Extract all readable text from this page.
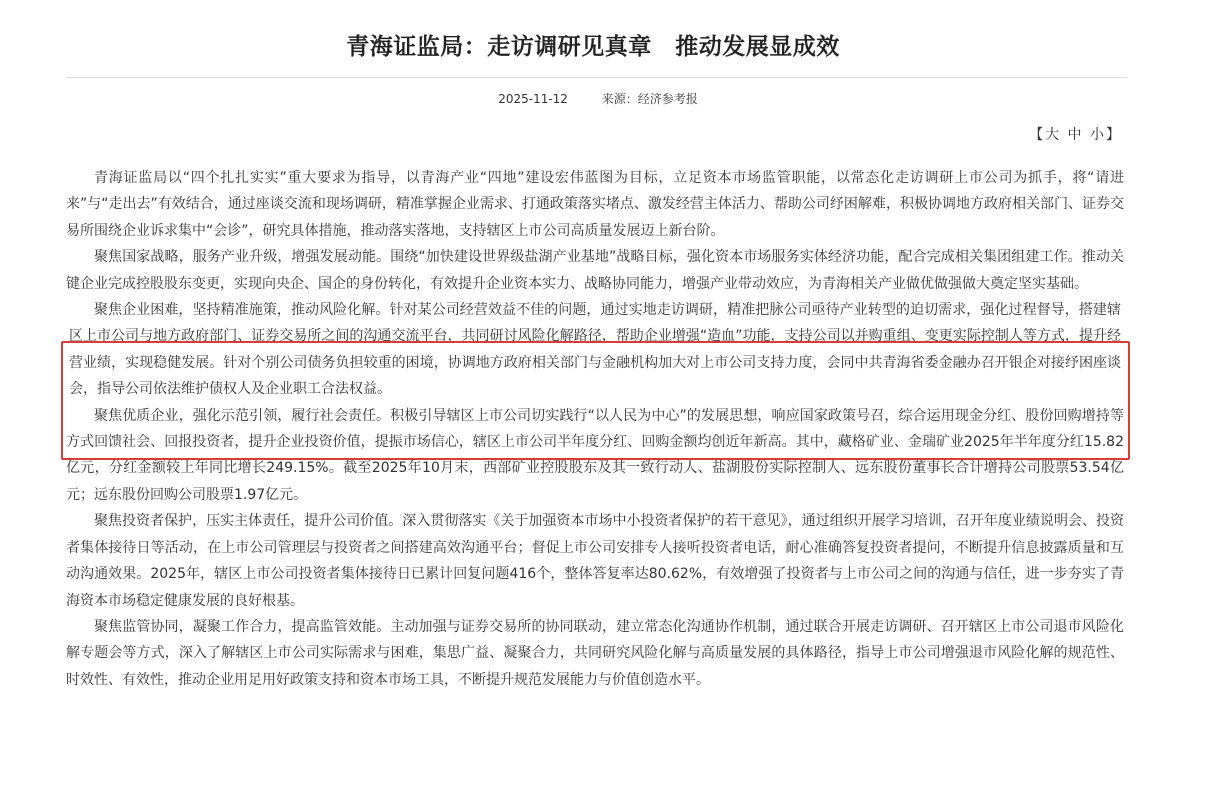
青海证监局：走访调研见真章　推动发展显成效
2025-11-12	来源：经济参考报
【大 中 小】

青海证监局以“四个扎扎实实”重大要求为指导，以青海产业“四地”建设宏伟蓝图为目标，立足资本市场监管职能，以常态化走访调研上市公司为抓手，将“请进来”与“走出去”有效结合，通过座谈交流和现场调研，精准掌握企业需求、打通政策落实堵点、激发经营主体活力、帮助公司纾困解难，积极协调地方政府相关部门、证券交易所围绕企业诉求集中“会诊”，研究具体措施，推动落实落地，支持辖区上市公司高质量发展迈上新台阶。

聚焦国家战略，服务产业升级，增强发展动能。围绕“加快建设世界级盐湖产业基地”战略目标，强化资本市场服务实体经济功能，配合完成相关集团组建工作。推动关键企业完成控股股东变更，实现向央企、国企的身份转化，有效提升企业资本实力、战略协同能力，增强产业带动效应，为青海相关产业做优做强做大奠定坚实基础。

聚焦企业困难，坚持精准施策，推动风险化解。针对某公司经营效益不佳的问题，通过实地走访调研，精准把脉公司亟待产业转型的迫切需求，强化过程督导，搭建辖区上市公司与地方政府部门、证券交易所之间的沟通交流平台，共同研讨风险化解路径，帮助企业增强“造血”功能，支持公司以并购重组、变更实际控制人等方式，提升经营业绩，实现稳健发展。针对个别公司债务负担较重的困境，协调地方政府相关部门与金融机构加大对上市公司支持力度，会同中共青海省委金融办召开银企对接纾困座谈会，指导公司依法维护债权人及企业职工合法权益。

聚焦优质企业，强化示范引领，履行社会责任。积极引导辖区上市公司切实践行“以人民为中心”的发展思想，响应国家政策号召，综合运用现金分红、股份回购增持等方式回馈社会、回报投资者，提升企业投资价值，提振市场信心，辖区上市公司半年度分红、回购金额均创近年新高。其中，藏格矿业、金瑞矿业2025年半年度分红15.82亿元，分红金额较上年同比增长249.15%。截至2025年10月末，西部矿业控股股东及其一致行动人、盐湖股份实际控制人、远东股份董事长合计增持公司股票53.54亿元；远东股份回购公司股票1.97亿元。

聚焦投资者保护，压实主体责任，提升公司价值。深入贯彻落实《关于加强资本市场中小投资者保护的若干意见》，通过组织开展学习培训，召开年度业绩说明会、投资者集体接待日等活动，在上市公司管理层与投资者之间搭建高效沟通平台；督促上市公司安排专人接听投资者电话，耐心准确答复投资者提问，不断提升信息披露质量和互动沟通效果。2025年，辖区上市公司投资者集体接待日已累计回复问题416个，整体答复率达80.62%，有效增强了投资者与上市公司之间的沟通与信任，进一步夯实了青海资本市场稳定健康发展的良好根基。

聚焦监管协同，凝聚工作合力，提高监管效能。主动加强与证券交易所的协同联动，建立常态化沟通协作机制，通过联合开展走访调研、召开辖区上市公司退市风险化解专题会等方式，深入了解辖区上市公司实际需求与困难，集思广益、凝聚合力，共同研究风险化解与高质量发展的具体路径，指导上市公司增强退市风险化解的规范性、时效性、有效性，推动企业用足用好政策支持和资本市场工具，不断提升规范发展能力与价值创造水平。
